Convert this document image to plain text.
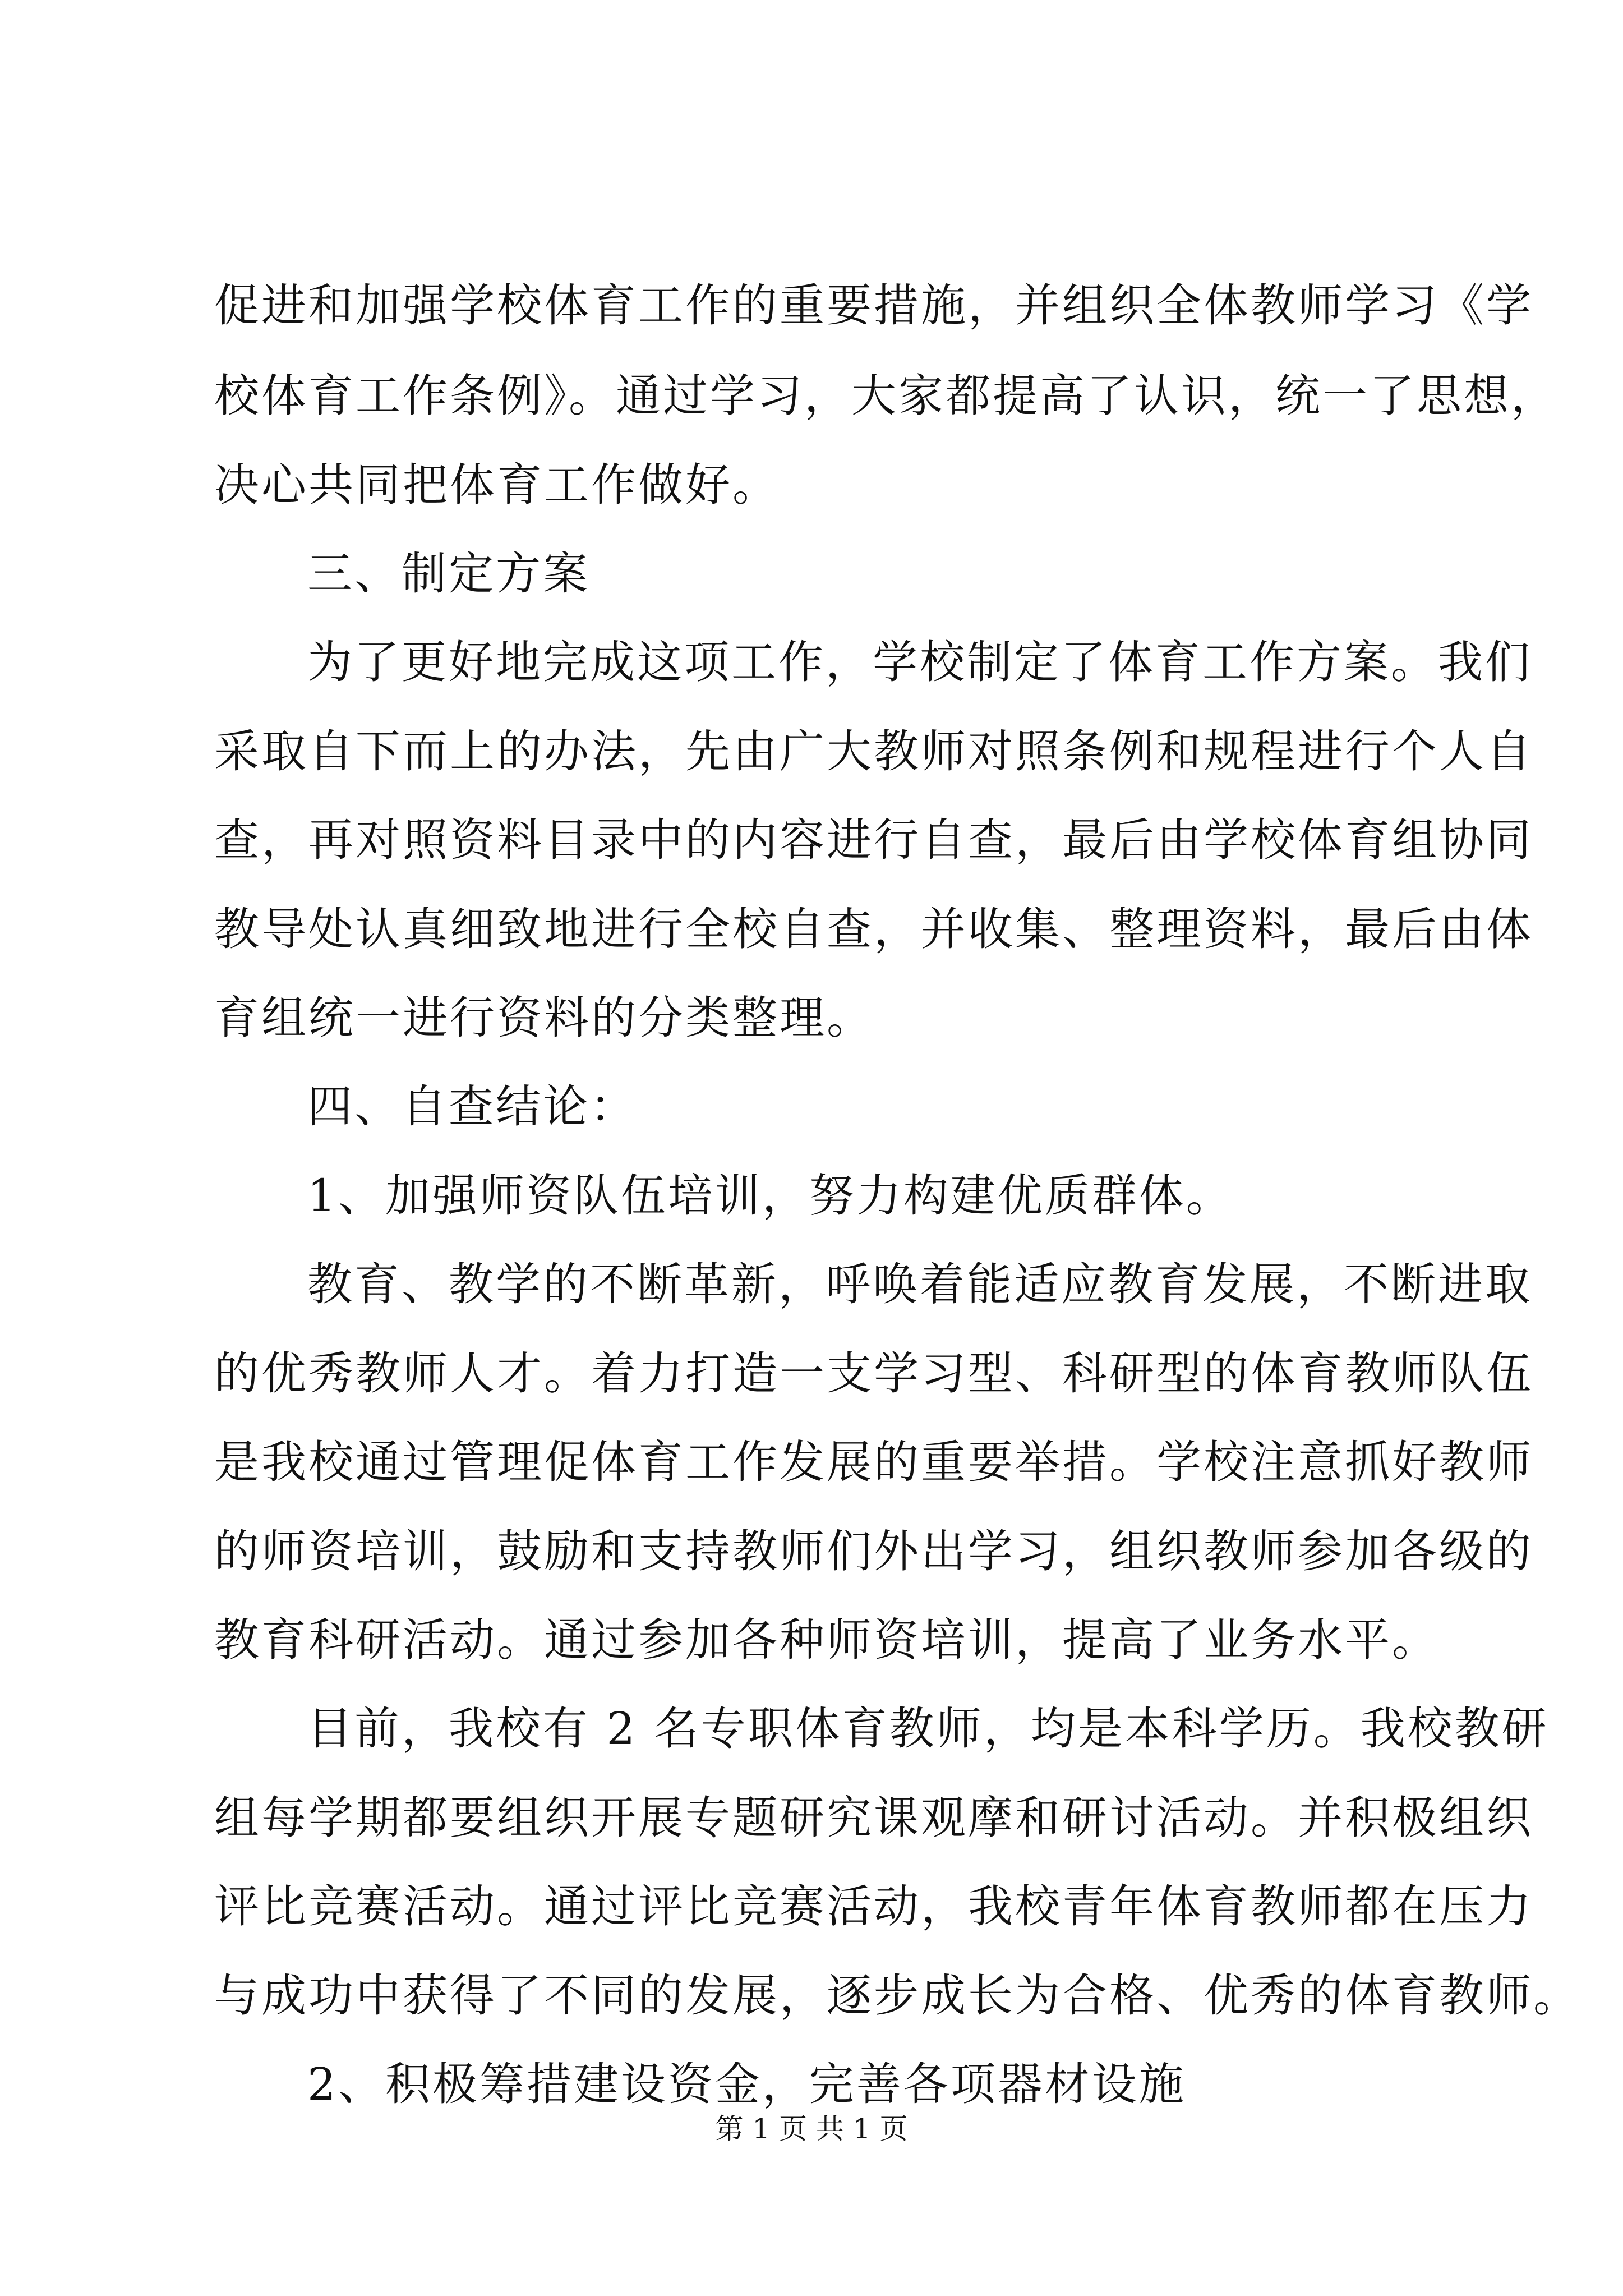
促进和加强学校体育工作的重要措施，并组织全体教师学习《学
校体育工作条例》。通过学习，大家都提高了认识，统一了思想，
决心共同把体育工作做好。
三、制定方案
为了更好地完成这项工作，学校制定了体育工作方案。我们
采取自下而上的办法，先由广大教师对照条例和规程进行个人自
查，再对照资料目录中的内容进行自查，最后由学校体育组协同
教导处认真细致地进行全校自查，并收集、整理资料，最后由体
育组统一进行资料的分类整理。
四、自查结论：
1、加强师资队伍培训，努力构建优质群体。
教育、教学的不断革新，呼唤着能适应教育发展，不断进取
的优秀教师人才。着力打造一支学习型、科研型的体育教师队伍
是我校通过管理促体育工作发展的重要举措。学校注意抓好教师
的师资培训，鼓励和支持教师们外出学习，组织教师参加各级的
教育科研活动。通过参加各种师资培训，提高了业务水平。
目前，我校有 2 名专职体育教师，均是本科学历。我校教研
组每学期都要组织开展专题研究课观摩和研讨活动。并积极组织
评比竞赛活动。通过评比竞赛活动，我校青年体育教师都在压力
与成功中获得了不同的发展，逐步成长为合格、优秀的体育教师。
2、积极筹措建设资金，完善各项器材设施
第 1 页 共 1 页
